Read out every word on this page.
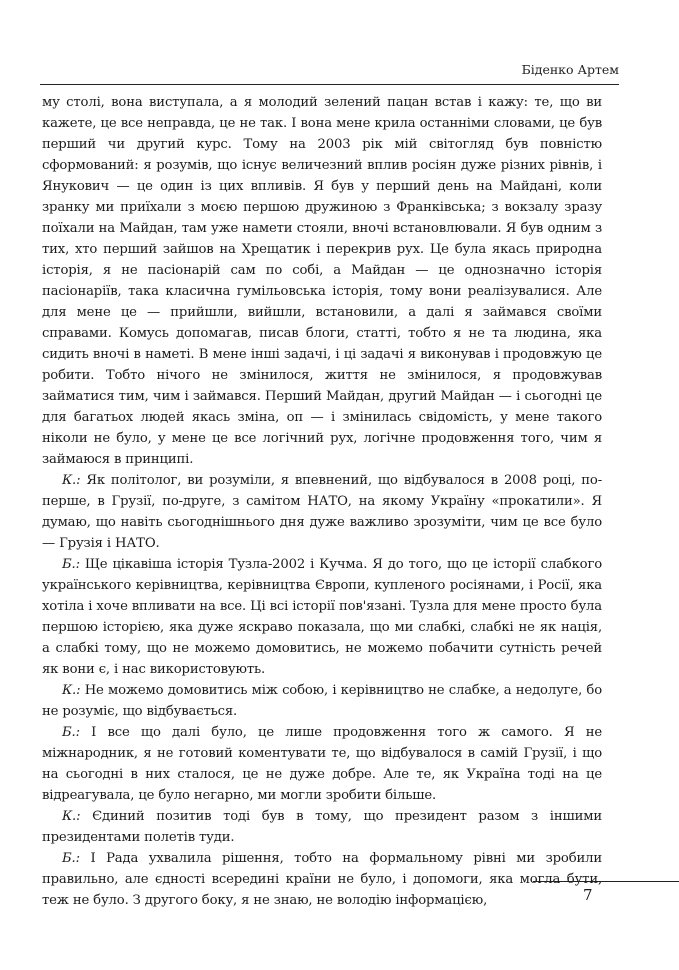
Біденко Артем

му столі, вона виступала, а я молодий зелений пацан встав і кажу: те, що ви кажете, це все неправда, це не так. І вона мене крила останніми словами, це був перший чи другий курс. Тому на 2003 рік мій світогляд був повністю сформований: я розумів, що існує величезний вплив росіян дуже різних рівнів, і Янукович — це один із цих впливів. Я був у перший день на Майдані, коли зранку ми приїхали з моєю першою дружиною з Франківська; з вокзалу зразу поїхали на Майдан, там уже намети стояли, вночі встановлювали. Я був одним з тих, хто перший зайшов на Хрещатик і перекрив рух. Це була якась природна історія, я не пасіонарій сам по собі, а Майдан — це однозначно історія пасіонаріїв, така класична гумільовська історія, тому вони реалізувалися. Але для мене це — прийшли, вийшли, встановили, а далі я займався своїми справами. Комусь допомагав, писав блоги, статті, тобто я не та людина, яка сидить вночі в наметі. В мене інші задачі, і ці задачі я виконував і продовжую це робити. Тобто нічого не змінилося, життя не змінилося, я продовжував займатися тим, чим і займався. Перший Майдан, другий Майдан — і сьогодні це для багатьох людей якась зміна, оп — і змінилась свідомість, у мене такого ніколи не було, у мене це все логічний рух, логічне продовження того, чим я займаюся в принципі.

К.: Як політолог, ви розуміли, я впевнений, що відбувалося в 2008 році, по-перше, в Грузії, по-друге, з самітом НАТО, на якому Україну «прокатили». Я думаю, що навіть сьогоднішнього дня дуже важливо зрозуміти, чим це все було — Грузія і НАТО.

Б.: Ще цікавіша історія Тузла-2002 і Кучма. Я до того, що це історії слабкого українського керівництва, керівництва Європи, купленого росіянами, і Росії, яка хотіла і хоче впливати на все. Ці всі історії пов'язані. Тузла для мене просто була першою історією, яка дуже яскраво показала, що ми слабкі, слабкі не як нація, а слабкі тому, що не можемо домовитись, не можемо побачити сутність речей як вони є, і нас використовують.

К.: Не можемо домовитись між собою, і керівництво не слабке, а недолуге, бо не розуміє, що відбувається.

Б.: І все що далі було, це лише продовження того ж самого. Я не міжнародник, я не готовий коментувати те, що відбувалося в самій Грузії, і що на сьогодні в них сталося, це не дуже добре. Але те, як Україна тоді на це відреагувала, це було негарно, ми могли зробити більше.

К.: Єдиний позитив тоді був в тому, що президент разом з іншими президентами полетів туди.

Б.: І Рада ухвалила рішення, тобто на формальному рівні ми зробили правильно, але єдності всередині країни не було, і допомоги, яка могла бути, теж не було. З другого боку, я не знаю, не володію інформацією,	7
